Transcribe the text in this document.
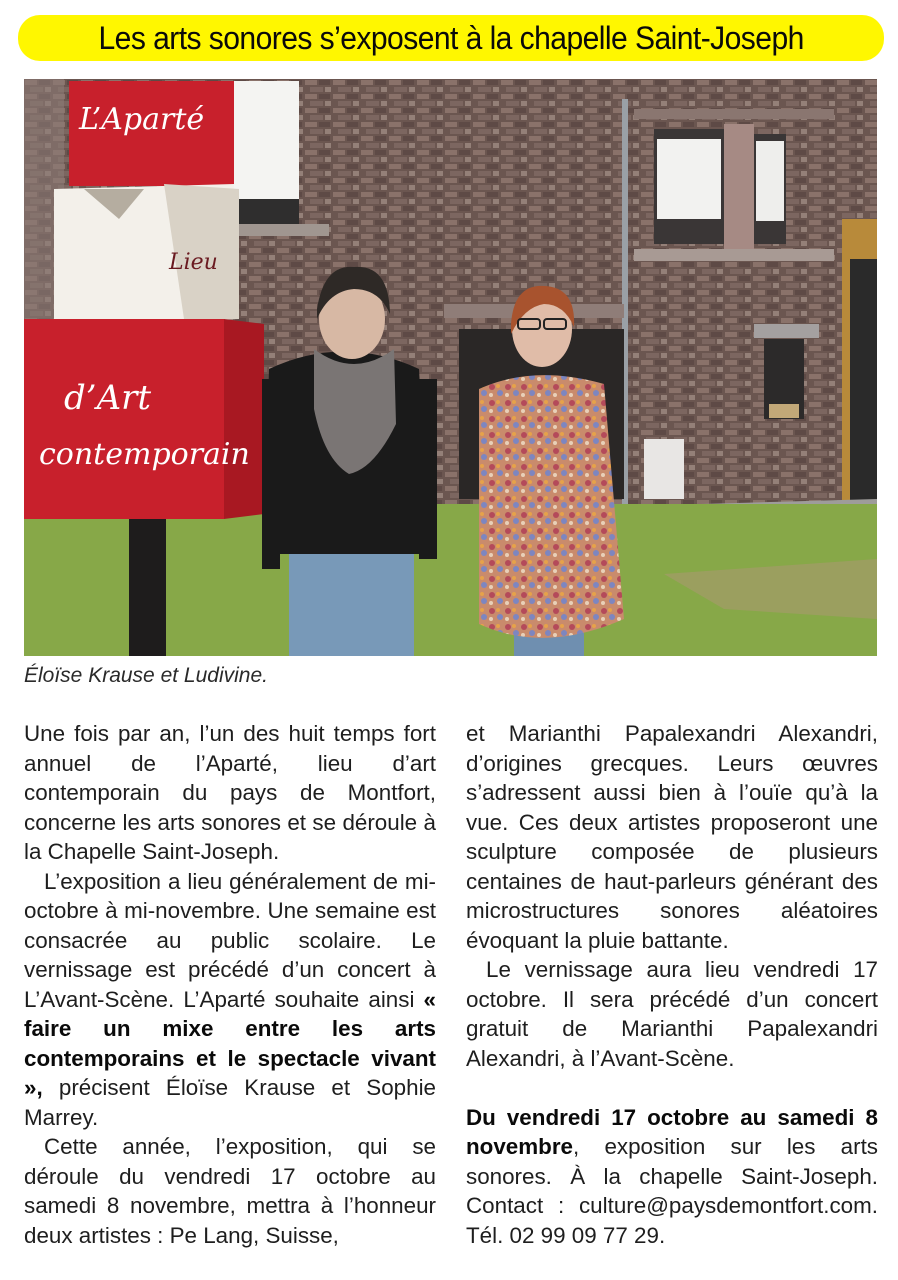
Les arts sonores s’exposent à la chapelle Saint-Joseph
L’Aparté
Lieu
d’Art
contemporain
Éloïse Krause et Ludivine.

Une fois par an, l’un des huit temps fort annuel de l’Aparté, lieu d’art contemporain du pays de Montfort, concerne les arts sonores et se déroule à la Chapelle Saint-Joseph.

L’exposition a lieu généralement de mi-octobre à mi-novembre. Une semaine est consacrée au public scolaire. Le vernissage est précédé d’un concert à L’Avant-Scène. L’Aparté souhaite ainsi « faire un mixe entre les arts contemporains et le spectacle vivant », précisent Éloïse Krause et Sophie Marrey.

Cette année, l’exposition, qui se déroule du vendredi 17 octobre au samedi 8 novembre, mettra à l’honneur deux artistes : Pe Lang, Suisse,

et Marianthi Papalexandri Alexandri, d’origines grecques. Leurs œuvres s’adressent aussi bien à l’ouïe qu’à la vue. Ces deux artistes proposeront une sculpture composée de plusieurs centaines de haut-parleurs générant des microstructures sonores aléatoires évoquant la pluie battante.

Le vernissage aura lieu vendredi 17 octobre. Il sera précédé d’un concert gratuit de Marianthi Papalexandri Alexandri, à l’Avant-Scène.

Du vendredi 17 octobre au samedi 8 novembre, exposition sur les arts sonores. À la chapelle Saint-Joseph. Contact : culture@paysdemontfort.com. Tél. 02 99 09 77 29.
